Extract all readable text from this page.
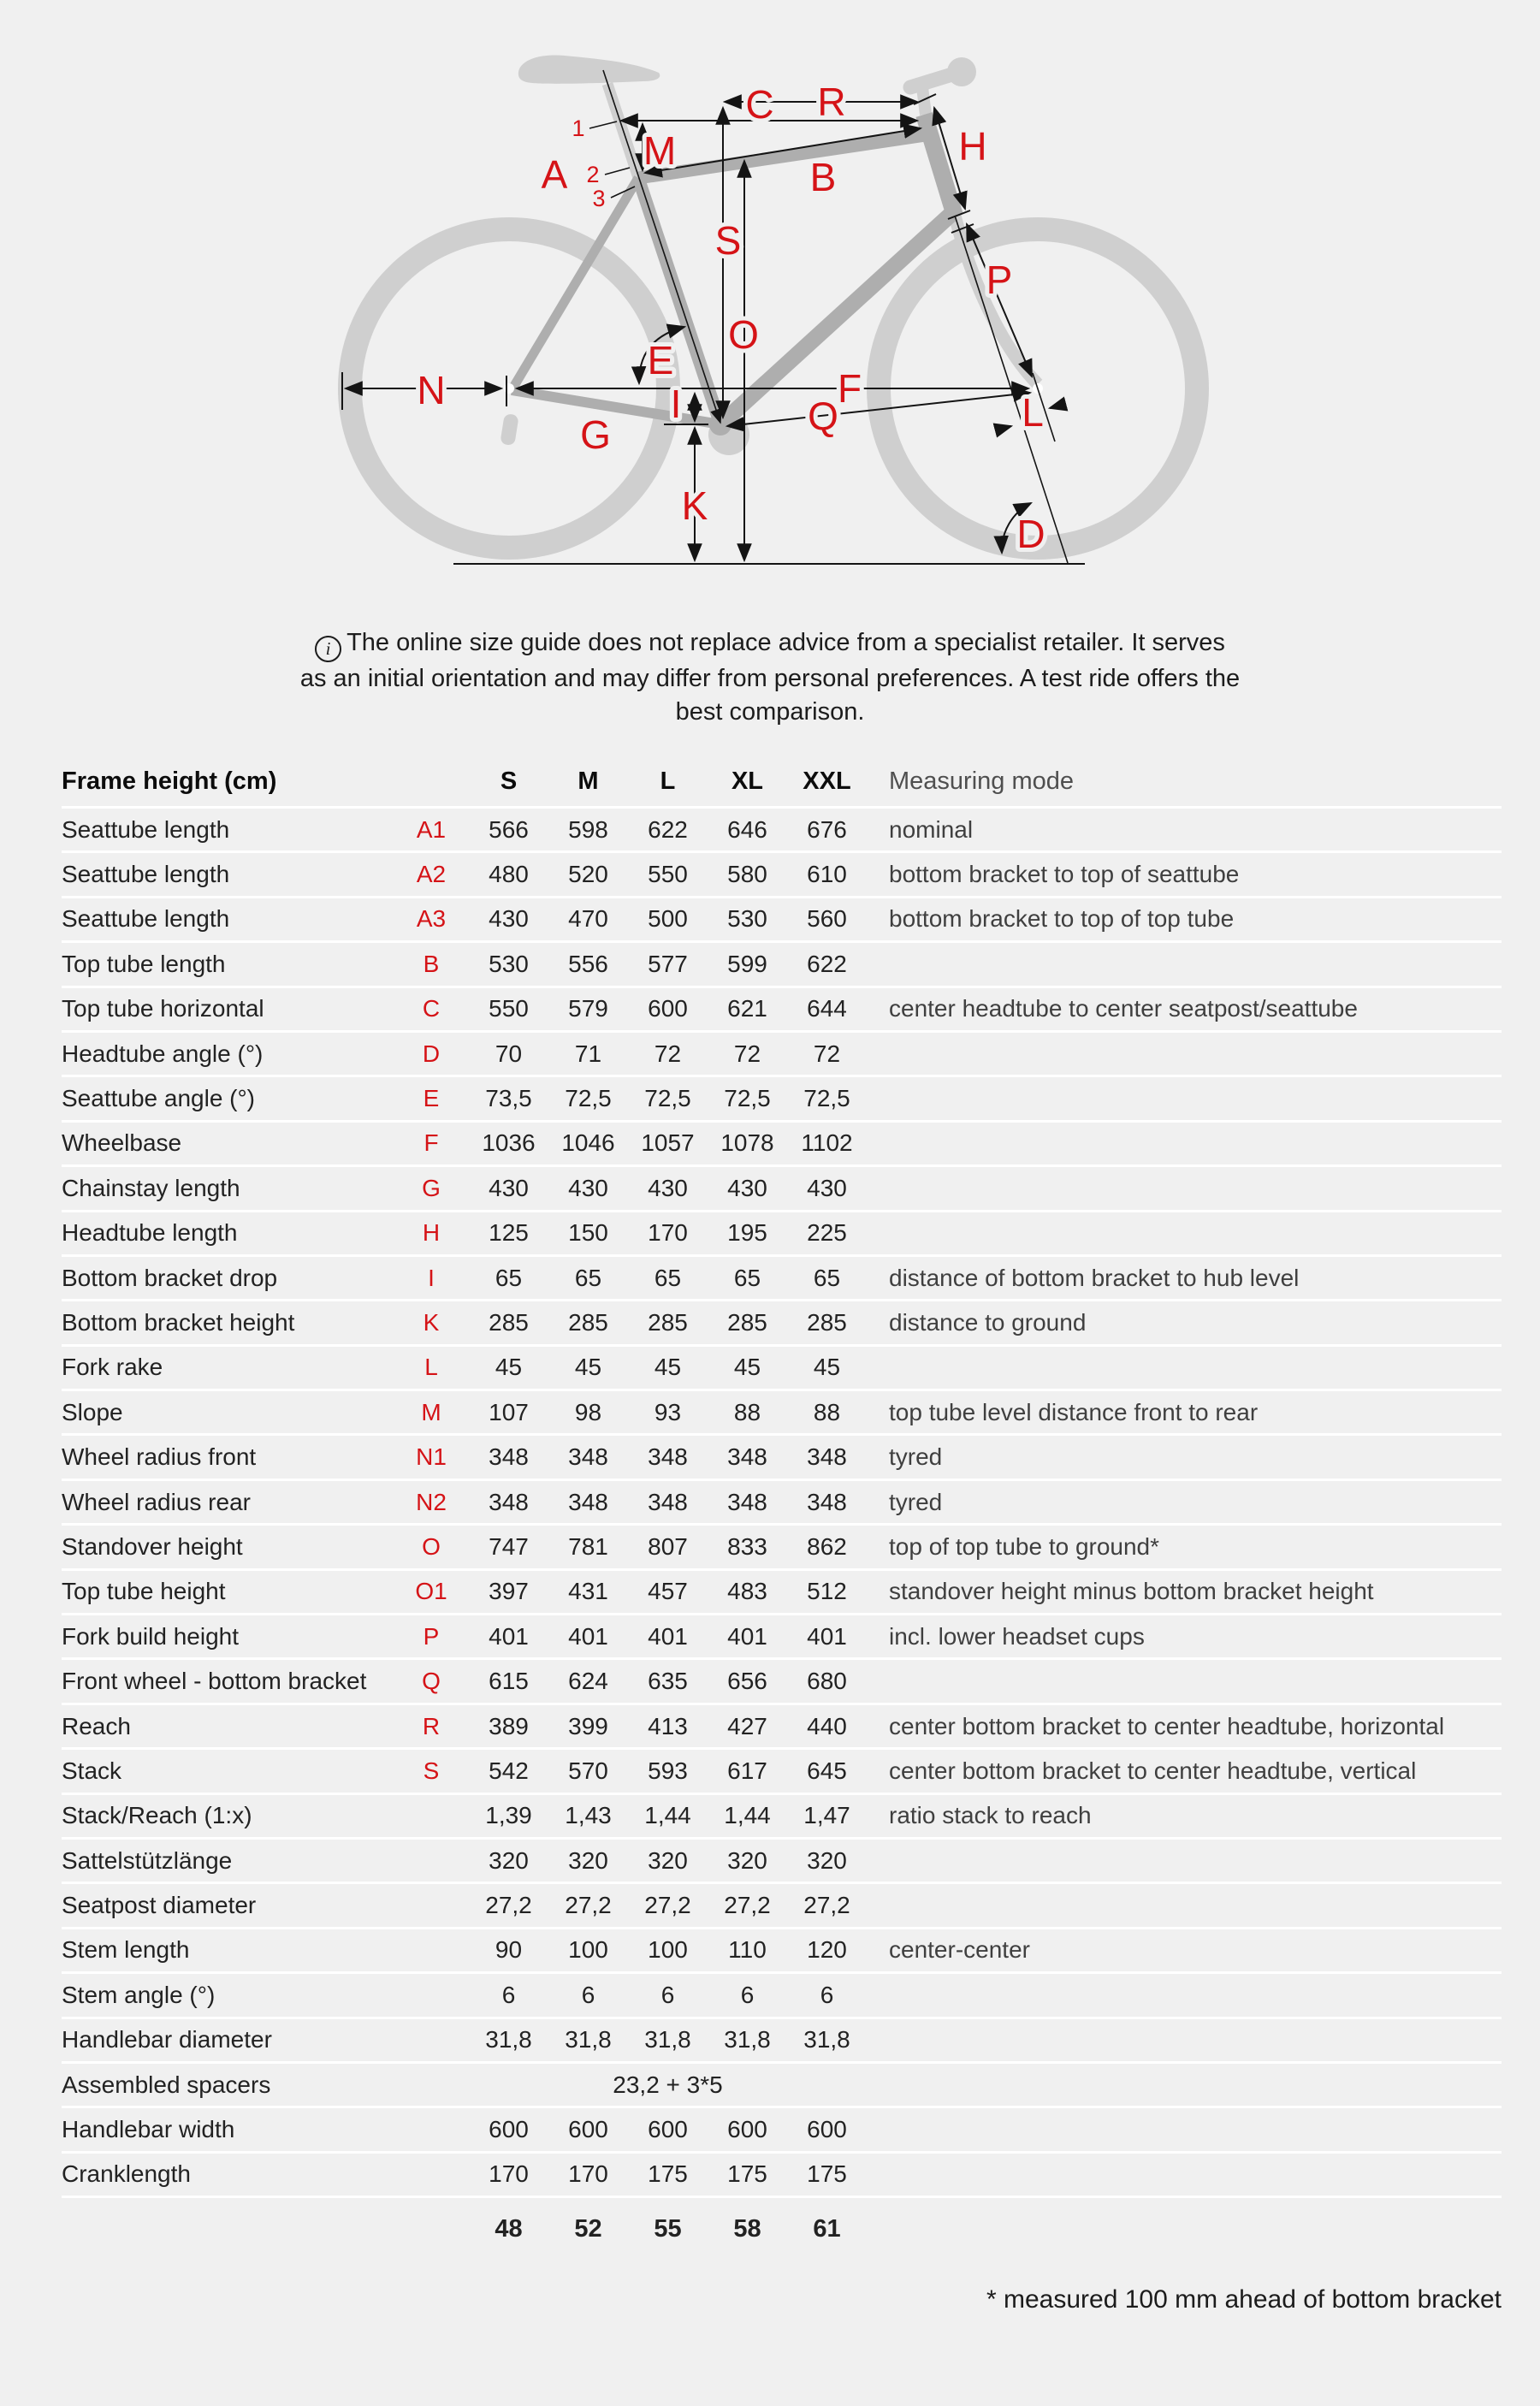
R
C
M
A
1
2
3	B
H
S
O
E
N	F
G
I	Q	L
K
P
D

i The online size guide does not replace advice from a specialist retailer. It serves as an initial orientation and may differ from personal preferences. A test ride offers the best comparison.

Frame height (cm)	S	M	L	XL	XXL	Measuring mode
Seattube length	A1	566	598	622	646	676	nominal
Seattube length	A2	480	520	550	580	610	bottom bracket to top of seattube
Seattube length	A3	430	470	500	530	560	bottom bracket to top of top tube
Top tube length	B	530	556	577	599	622
Top tube horizontal	C	550	579	600	621	644	center headtube to center seatpost/seattube
Headtube angle (°)	D	70	71	72	72	72
Seattube angle (°)	E	73,5	72,5	72,5	72,5	72,5
Wheelbase	F	1036	1046	1057	1078	1102
Chainstay length	G	430	430	430	430	430
Headtube length	H	125	150	170	195	225
Bottom bracket drop	I	65	65	65	65	65	distance of bottom bracket to hub level
Bottom bracket height	K	285	285	285	285	285	distance to ground
Fork rake	L	45	45	45	45	45
Slope	M	107	98	93	88	88	top tube level distance front to rear
Wheel radius front	N1	348	348	348	348	348	tyred
Wheel radius rear	N2	348	348	348	348	348	tyred
Standover height	O	747	781	807	833	862	top of top tube to ground*
Top tube height	O1	397	431	457	483	512	standover height minus bottom bracket height
Fork build height	P	401	401	401	401	401	incl. lower headset cups
Front wheel - bottom bracket	Q	615	624	635	656	680
Reach	R	389	399	413	427	440	center bottom bracket to center headtube, horizontal
Stack	S	542	570	593	617	645	center bottom bracket to center headtube, vertical
Stack/Reach (1:x)	1,39	1,43	1,44	1,44	1,47	ratio stack to reach
Sattelstützlänge	320	320	320	320	320
Seatpost diameter	27,2	27,2	27,2	27,2	27,2
Stem length	90	100	100	110	120	center-center
Stem angle (°)	6	6	6	6	6
Handlebar diameter	31,8	31,8	31,8	31,8	31,8
Assembled spacers	23,2 + 3*5
Handlebar width	600	600	600	600	600
Cranklength	170	170	175	175	175
48	52	55	58	61

* measured 100 mm ahead of bottom bracket
